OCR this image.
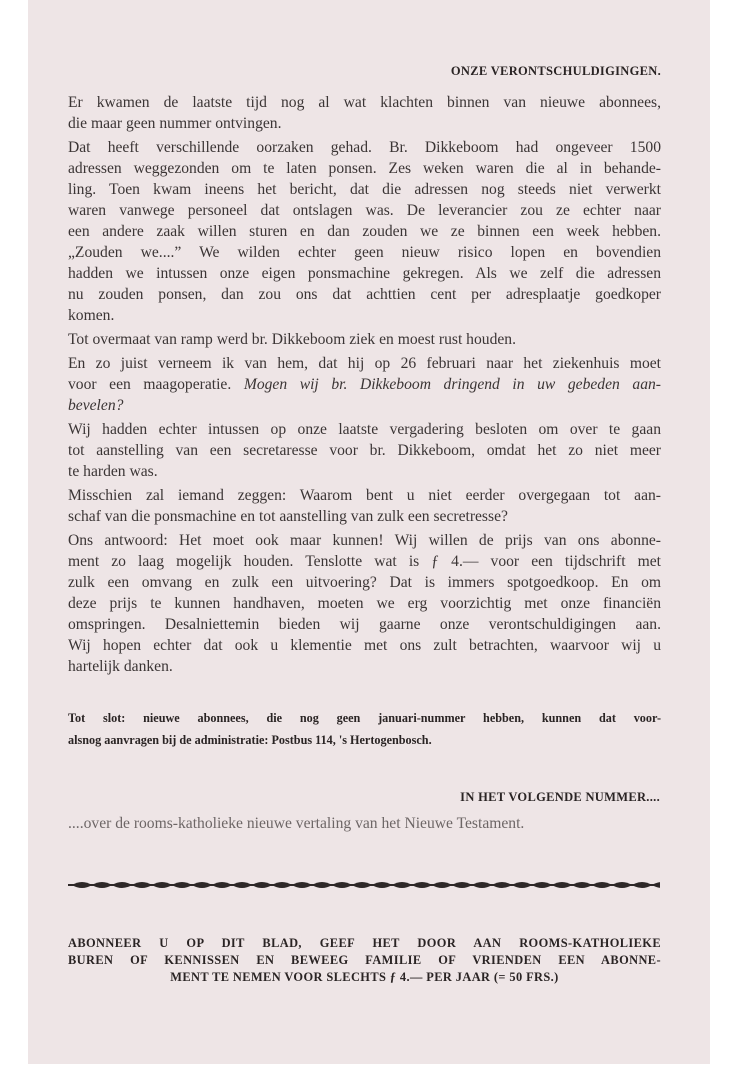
ONZE VERONTSCHULDIGINGEN.
Er kwamen de laatste tijd nog al wat klachten binnen van nieuwe abonnees,
die maar geen nummer ontvingen.
Dat heeft verschillende oorzaken gehad. Br. Dikkeboom had ongeveer 1500
adressen weggezonden om te laten ponsen. Zes weken waren die al in behande-
ling. Toen kwam ineens het bericht, dat die adressen nog steeds niet verwerkt
waren vanwege personeel dat ontslagen was. De leverancier zou ze echter naar
een andere zaak willen sturen en dan zouden we ze binnen een week hebben.
„Zouden we....” We wilden echter geen nieuw risico lopen en bovendien
hadden we intussen onze eigen ponsmachine gekregen. Als we zelf die adressen
nu zouden ponsen, dan zou ons dat achttien cent per adresplaatje goedkoper
komen.
Tot overmaat van ramp werd br. Dikkeboom ziek en moest rust houden.
En zo juist verneem ik van hem, dat hij op 26 februari naar het ziekenhuis moet
voor een maagoperatie. Mogen wij br. Dikkeboom dringend in uw gebeden aan-
bevelen?
Wij hadden echter intussen op onze laatste vergadering besloten om over te gaan
tot aanstelling van een secretaresse voor br. Dikkeboom, omdat het zo niet meer
te harden was.
Misschien zal iemand zeggen: Waarom bent u niet eerder overgegaan tot aan-
schaf van die ponsmachine en tot aanstelling van zulk een secretresse?
Ons antwoord: Het moet ook maar kunnen! Wij willen de prijs van ons abonne-
ment zo laag mogelijk houden. Tenslotte wat is ƒ 4.— voor een tijdschrift met
zulk een omvang en zulk een uitvoering? Dat is immers spotgoedkoop. En om
deze prijs te kunnen handhaven, moeten we erg voorzichtig met onze financiën
omspringen. Desalniettemin bieden wij gaarne onze verontschuldigingen aan.
Wij hopen echter dat ook u klementie met ons zult betrachten, waarvoor wij u
hartelijk danken.
Tot slot: nieuwe abonnees, die nog geen januari-nummer hebben, kunnen dat voor-
alsnog aanvragen bij de administratie: Postbus 114, 's Hertogenbosch.
IN HET VOLGENDE NUMMER....
....over de rooms-katholieke nieuwe vertaling van het Nieuwe Testament.
ABONNEER U OP DIT BLAD, GEEF HET DOOR AAN ROOMS-KATHOLIEKE
BUREN OF KENNISSEN EN BEWEEG FAMILIE OF VRIENDEN EEN ABONNE-
MENT TE NEMEN VOOR SLECHTS ƒ 4.— PER JAAR (= 50 FRS.)
